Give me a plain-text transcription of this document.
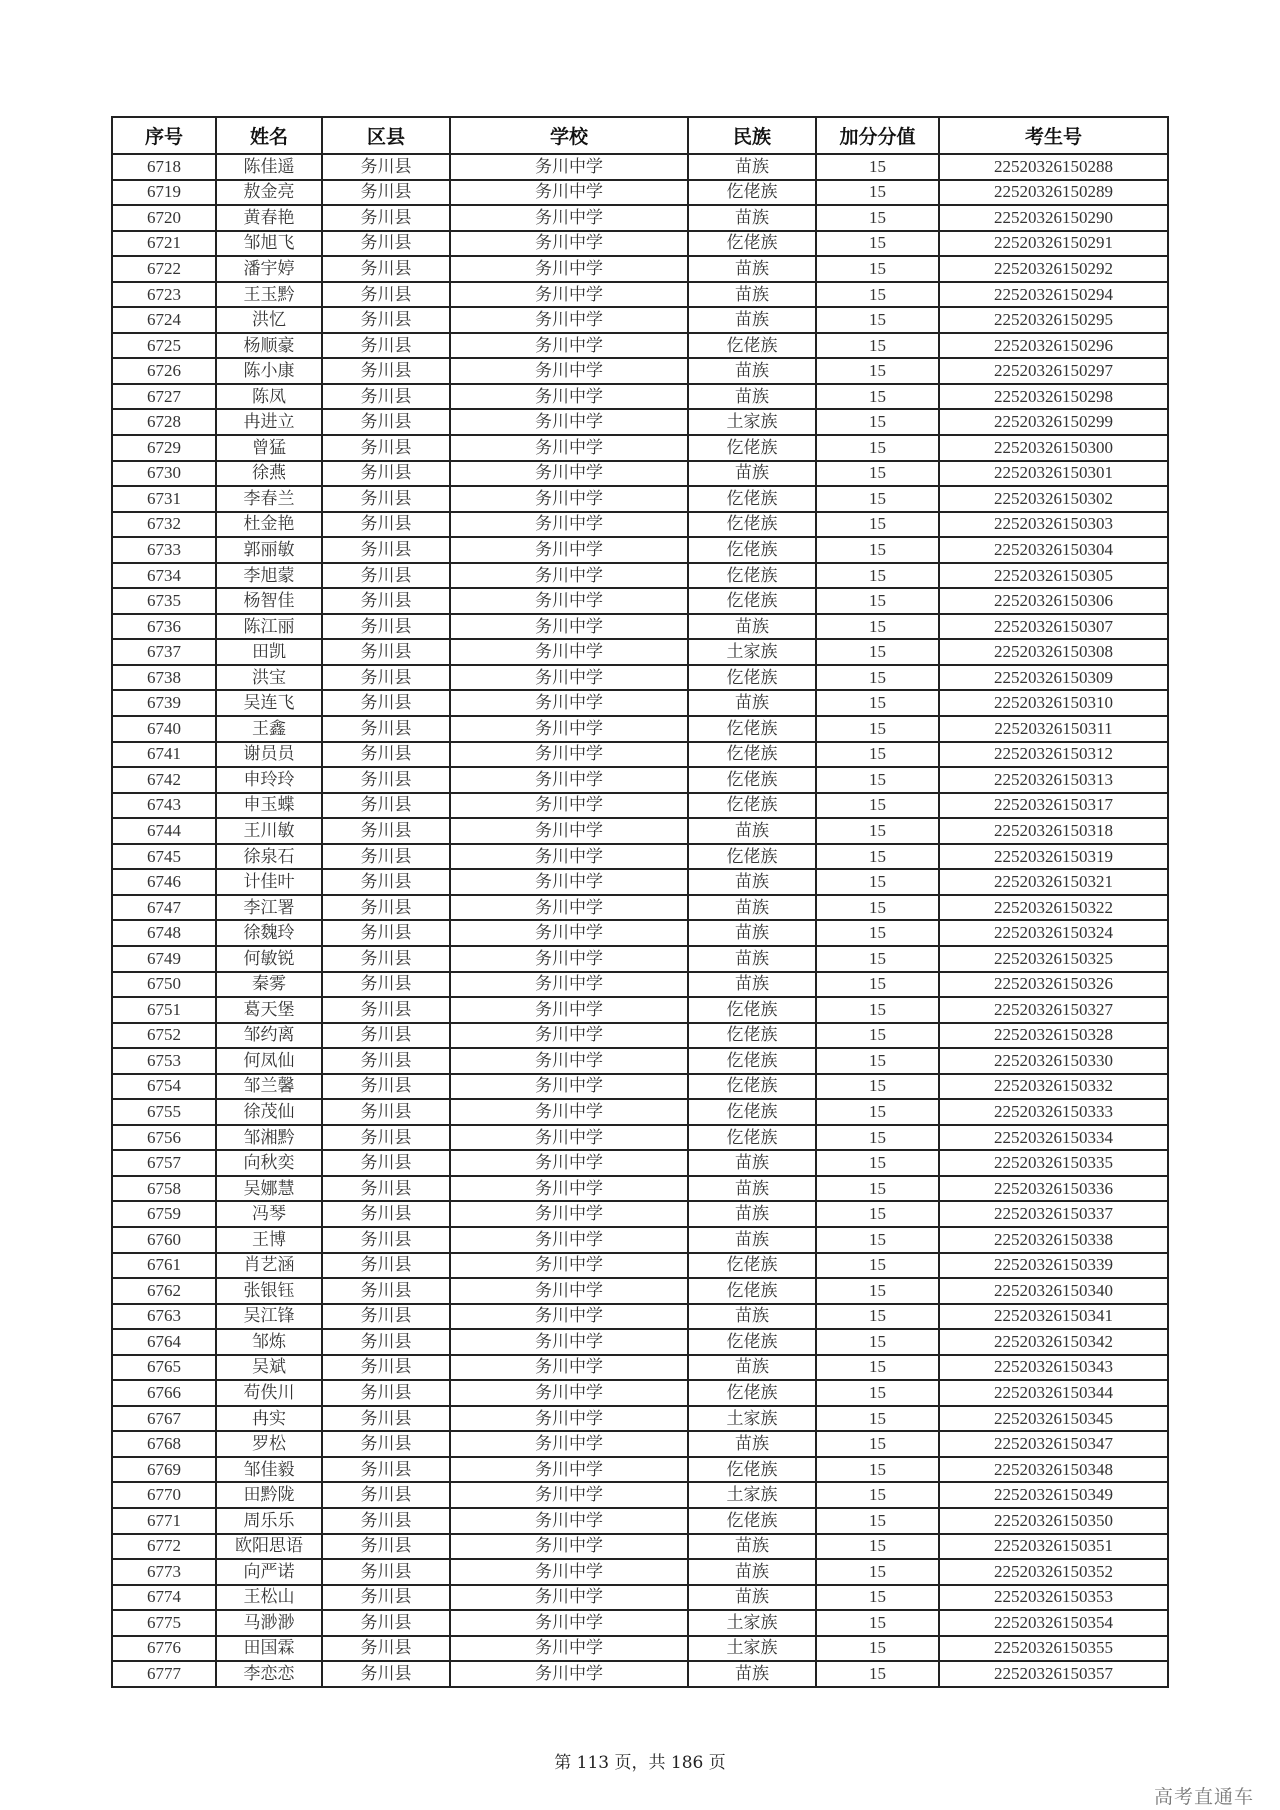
序号	姓名	区县	学校	民族	加分分值	考生号
6718	陈佳遥	务川县	务川中学	苗族	15	22520326150288
6719	敖金亮	务川县	务川中学	仡佬族	15	22520326150289
6720	黄春艳	务川县	务川中学	苗族	15	22520326150290
6721	邹旭飞	务川县	务川中学	仡佬族	15	22520326150291
6722	潘宇婷	务川县	务川中学	苗族	15	22520326150292
6723	王玉黔	务川县	务川中学	苗族	15	22520326150294
6724	洪忆	务川县	务川中学	苗族	15	22520326150295
6725	杨顺豪	务川县	务川中学	仡佬族	15	22520326150296
6726	陈小康	务川县	务川中学	苗族	15	22520326150297
6727	陈凤	务川县	务川中学	苗族	15	22520326150298
6728	冉进立	务川县	务川中学	土家族	15	22520326150299
6729	曾猛	务川县	务川中学	仡佬族	15	22520326150300
6730	徐燕	务川县	务川中学	苗族	15	22520326150301
6731	李春兰	务川县	务川中学	仡佬族	15	22520326150302
6732	杜金艳	务川县	务川中学	仡佬族	15	22520326150303
6733	郭丽敏	务川县	务川中学	仡佬族	15	22520326150304
6734	李旭蒙	务川县	务川中学	仡佬族	15	22520326150305
6735	杨智佳	务川县	务川中学	仡佬族	15	22520326150306
6736	陈江丽	务川县	务川中学	苗族	15	22520326150307
6737	田凯	务川县	务川中学	土家族	15	22520326150308
6738	洪宝	务川县	务川中学	仡佬族	15	22520326150309
6739	吴连飞	务川县	务川中学	苗族	15	22520326150310
6740	王鑫	务川县	务川中学	仡佬族	15	22520326150311
6741	谢员员	务川县	务川中学	仡佬族	15	22520326150312
6742	申玲玲	务川县	务川中学	仡佬族	15	22520326150313
6743	申玉蝶	务川县	务川中学	仡佬族	15	22520326150317
6744	王川敏	务川县	务川中学	苗族	15	22520326150318
6745	徐泉石	务川县	务川中学	仡佬族	15	22520326150319
6746	计佳叶	务川县	务川中学	苗族	15	22520326150321
6747	李江署	务川县	务川中学	苗族	15	22520326150322
6748	徐魏玲	务川县	务川中学	苗族	15	22520326150324
6749	何敏锐	务川县	务川中学	苗族	15	22520326150325
6750	秦雾	务川县	务川中学	苗族	15	22520326150326
6751	葛天堡	务川县	务川中学	仡佬族	15	22520326150327
6752	邹约离	务川县	务川中学	仡佬族	15	22520326150328
6753	何凤仙	务川县	务川中学	仡佬族	15	22520326150330
6754	邹兰馨	务川县	务川中学	仡佬族	15	22520326150332
6755	徐茂仙	务川县	务川中学	仡佬族	15	22520326150333
6756	邹湘黔	务川县	务川中学	仡佬族	15	22520326150334
6757	向秋奕	务川县	务川中学	苗族	15	22520326150335
6758	吴娜慧	务川县	务川中学	苗族	15	22520326150336
6759	冯琴	务川县	务川中学	苗族	15	22520326150337
6760	王博	务川县	务川中学	苗族	15	22520326150338
6761	肖艺涵	务川县	务川中学	仡佬族	15	22520326150339
6762	张银钰	务川县	务川中学	仡佬族	15	22520326150340
6763	吴江锋	务川县	务川中学	苗族	15	22520326150341
6764	邹炼	务川县	务川中学	仡佬族	15	22520326150342
6765	吴斌	务川县	务川中学	苗族	15	22520326150343
6766	苟佚川	务川县	务川中学	仡佬族	15	22520326150344
6767	冉实	务川县	务川中学	土家族	15	22520326150345
6768	罗松	务川县	务川中学	苗族	15	22520326150347
6769	邹佳毅	务川县	务川中学	仡佬族	15	22520326150348
6770	田黔陇	务川县	务川中学	土家族	15	22520326150349
6771	周乐乐	务川县	务川中学	仡佬族	15	22520326150350
6772	欧阳思语	务川县	务川中学	苗族	15	22520326150351
6773	向严诺	务川县	务川中学	苗族	15	22520326150352
6774	王松山	务川县	务川中学	苗族	15	22520326150353
6775	马渺渺	务川县	务川中学	土家族	15	22520326150354
6776	田国霖	务川县	务川中学	土家族	15	22520326150355
6777	李恋恋	务川县	务川中学	苗族	15	22520326150357
第 113 页，共 186 页
高考直通车
